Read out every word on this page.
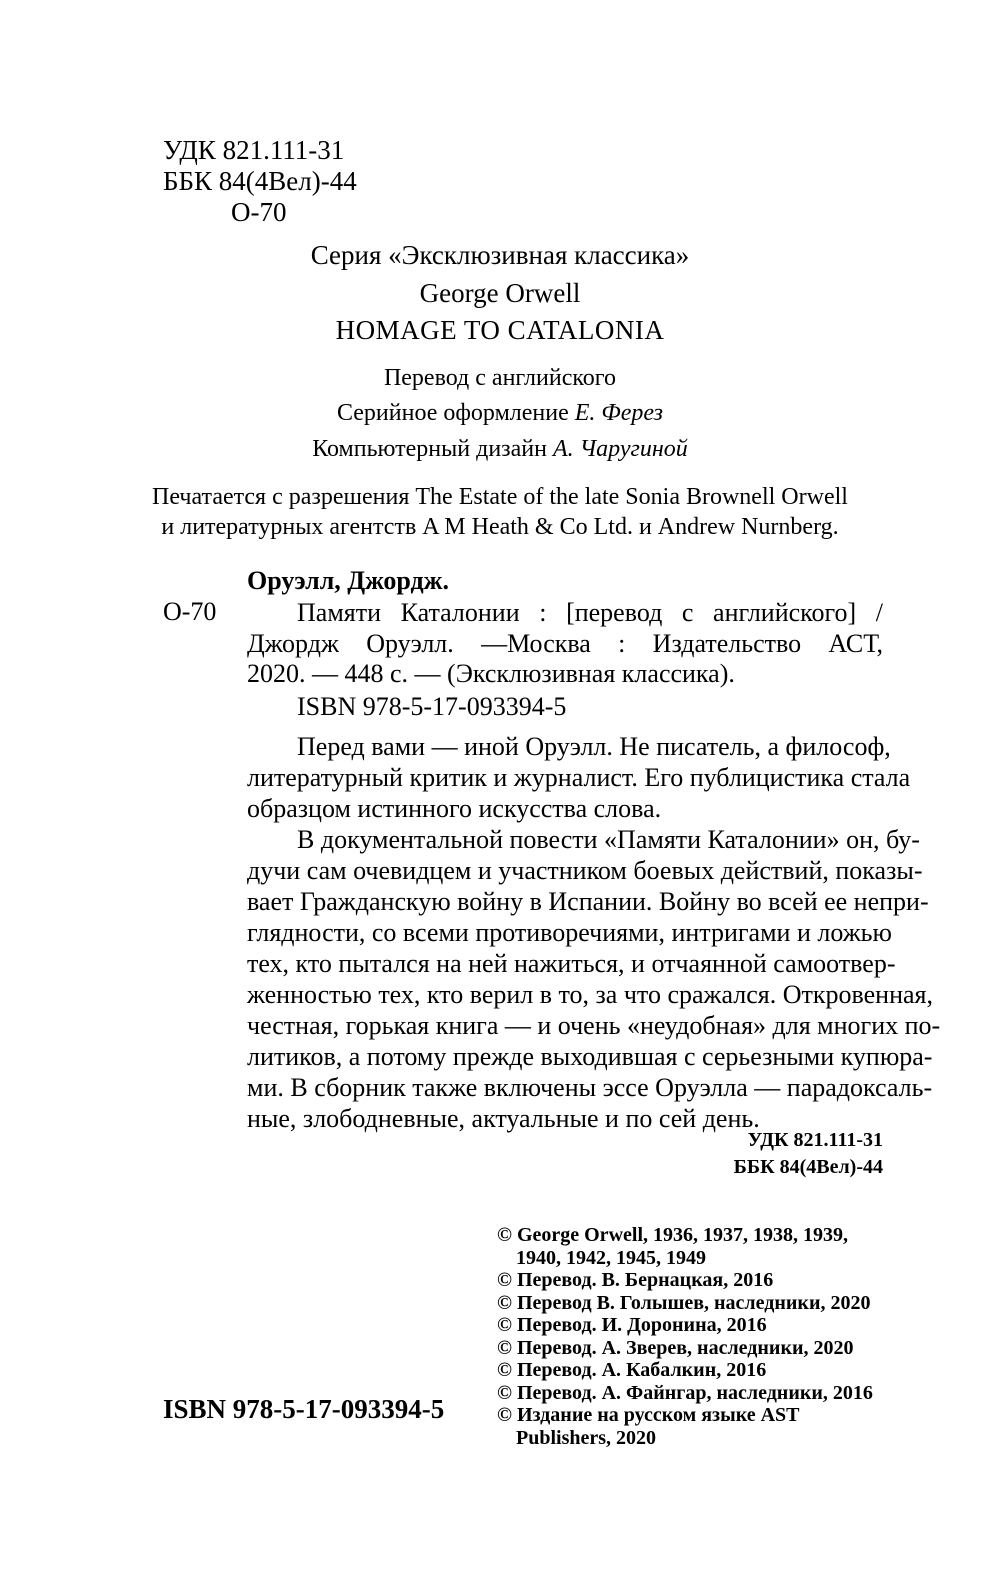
УДК 821.111-31
ББК 84(4Вел)-44
О-70
Серия «Эксклюзивная классика»
George Orwell
HOMAGE TO CATALONIA
Перевод с английского
Серийное оформление Е. Ферез
Компьютерный дизайн А. Чаругиной
Печатается с разрешения The Estate of the late Sonia Brownell Orwell
и литературных агентств A M Heath & Co Ltd. и Andrew Nurnberg.
Оруэлл, Джордж.
О-70	Памяти Каталонии : [перевод с английского] /
Джордж Оруэлл. —Москва : Издательство АСТ,
2020. — 448 с. — (Эксклюзивная классика).
ISBN 978-5-17-093394-5
Перед вами — иной Оруэлл. Не писатель, а философ,
литературный критик и журналист. Его публицистика стала
образцом истинного искусства слова.
В документальной повести «Памяти Каталонии» он, бу-
дучи сам очевидцем и участником боевых действий, показы-
вает Гражданскую войну в Испании. Войну во всей ее непри-
глядности, со всеми противоречиями, интригами и ложью
тех, кто пытался на ней нажиться, и отчаянной самоотвер-
женностью тех, кто верил в то, за что сражался. Откровенная,
честная, горькая книга — и очень «неудобная» для многих по-
литиков, а потому прежде выходившая с серьезными купюра-
ми. В сборник также включены эссе Оруэлла — парадоксаль-
ные, злободневные, актуальные и по сей день.
УДК 821.111-31
ББК 84(4Вел)-44
© George Orwell, 1936, 1937, 1938, 1939,
1940, 1942, 1945, 1949
© Перевод. В. Бернацкая, 2016
© Перевод В. Голышев, наследники, 2020
© Перевод. И. Доронина, 2016
© Перевод. А. Зверев, наследники, 2020
© Перевод. А. Кабалкин, 2016
© Перевод. А. Файнгар, наследники, 2016
© Издание на русском языке AST
Publishers, 2020
ISBN 978-5-17-093394-5
